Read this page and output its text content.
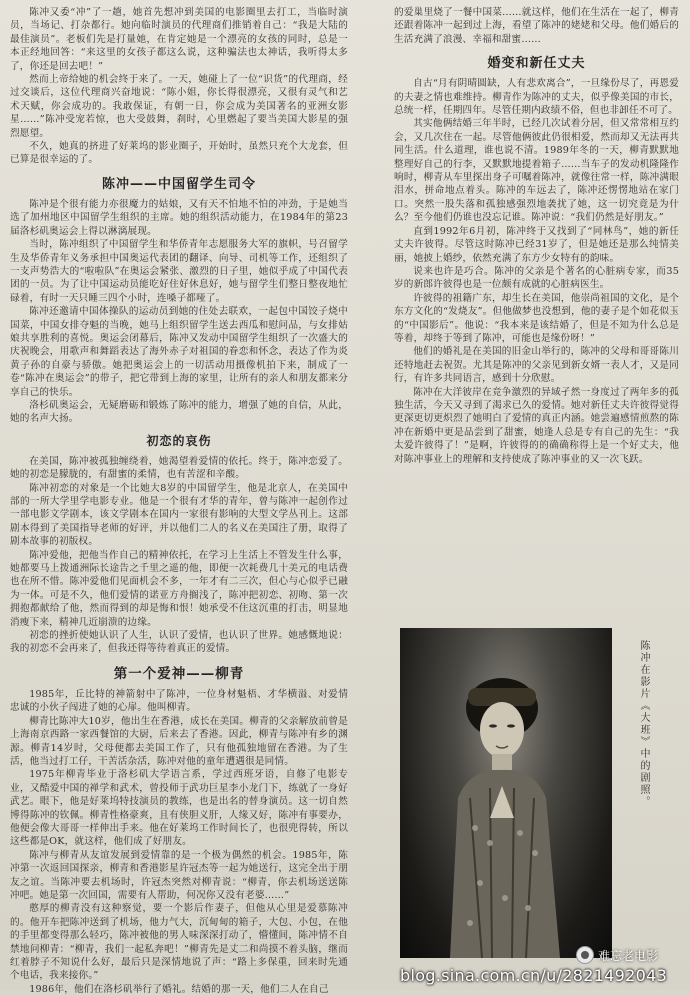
陈冲又委“冲”了一趟，她首先想冲到美国的电影圈里去打工，当临时演员，当场记、打杂都行。她向临时演员的代理商们推销着自己：“我是大陆的最佳演员”。老板们先是打量她，在肯定她是一个漂亮的女孩的同时，总是一本正经地回答：“来这里的女孩子都这么说，这种骗法也太神话，我听得太多了，你还是回去吧！”

然而上帝给她的机会终于来了。一天，她碰上了一位“识货”的代理商，经过交谈后，这位代理商兴奋地说：“陈小姐，你长得很漂亮，又很有灵气和艺术天赋，你会成功的。我敢保证，有朝一日，你会成为美国著名的亚洲女影星……”陈冲受宠若惊，也大受鼓舞，刹时，心里燃起了要当美国大影星的强烈愿望。

不久，她真的挤进了好莱坞的影业圈子，开始时，虽然只充个大龙套，但已算是很幸运的了。

陈冲——中国留学生司令

陈冲是个很有能力亦很魔力的姑娘，又有天不怕地不怕的冲劲，于是她当选了加州地区中国留学生组织的主席。她的组织活动能力，在1984年的第23届洛杉矶奥运会上得以淋漓展现。

当时，陈冲组织了中国留学生和华侨青年志愿服务大军的旗帜，号召留学生及华侨青年义务承担中国奥运代表团的翻译、向导、司机等工作，还组织了一支声势浩大的“啦啦队”在奥运会紧张、激烈的日子里，她似乎成了中国代表团的一员。为了让中国运动员能吃好住好休息好，她与留学生们整日整夜地忙碌着，有时一天只睡三四个小时，连嗓子都哑了。

陈冲还邀请中国体操队的运动员到她的住处去联欢，一起包中国饺子烧中国菜，中国女排夺魁的当晚，她马上组织留学生送去西瓜和慰问品，与女排姑娘共享胜利的喜悦。奥运会闭幕后，陈冲又发动中国留学生组织了一次盛大的庆祝晚会，用歌声和舞蹈表达了海外赤子对祖国的眷恋和怀念，表达了作为炎黄子孙的自豪与骄傲。她把奥运会上的一切活动用摄像机拍下来，制成了一卷“陈冲在奥运会”的带子，把它带到上海的家里，让所有的亲人和朋友都来分享自己的快乐。

洛杉矶奥运会，无疑磨砺和锻炼了陈冲的能力，增强了她的自信，从此，她的名声大扬。

初恋的哀伤

在美国，陈冲被孤独缠绕着，她渴望着爱情的依托。终于，陈冲恋爱了。她的初恋是朦胧的，有甜蜜的柔情，也有苦涩和辛酸。

陈冲初恋的对象是一个比她大8岁的中国留学生，他是北京人，在美国中部的一所大学里学电影专业。他是一个很有才华的青年，曾与陈冲一起创作过一部电影文学剧本，该文学剧本在国内一家很有影响的大型文学丛刊上。这部剧本得到了美国指导老师的好评，并以他们二人的名义在美国注了册，取得了剧本故事的初版权。

陈冲爱他，把他当作自己的精神依托，在学习上生活上不管发生什么事，她都要马上拨通洲际长途告之千里之遥的他，即便一次耗费几十美元的电话费也在所不惜。陈冲爱他们见面机会不多，一年才有二三次，但心与心似乎已融为一体。可是不久，他们爱情的诺亚方舟搁浅了，陈冲把初恋、初吻、第一次拥抱都献给了他，然而得到的却是悔和恨！她承受不住这沉重的打击，明显地消瘦下来，精神几近崩溃的边缘。

初恋的挫折使她认识了人生，认识了爱情，也认识了世界。她感慨地说：我的初恋不会再来了，但我还得等待着真正的爱情。

第一个爱神——柳青

1985年，丘比特的神箭射中了陈冲，一位身材魁梧、才华横溢、对爱情忠诚的小伙子闯进了她的心扉。他叫柳青。

柳青比陈冲大10岁，他出生在香港，成长在美国。柳青的父亲解放前曾是上海南京西路一家西餐馆的大厨，后来去了香港。因此，柳青与陈冲有乡的渊源。柳青14岁时，父母便都去美国工作了，只有他孤独地留在香港。为了生活，他当过打工仔，干苦活杂活，陈冲对他的童年遭遇很是同情。

1975年柳青毕业于洛杉矶大学语言系，学过西班牙语，自修了电影专业，又酷爱中国的禅学和武术，曾投师于武功巨星李小龙门下，练就了一身好武艺。眼下，他是好莱坞特技演员的教练，也是出名的替身演员。这一切自然博得陈冲的钦佩。柳青性格豪爽，且有侠胆义肝，人缘又好，陈冲有事要办，他便会像大哥哥一样伸出手来。他在好莱坞工作时间长了，也很兜得转，所以这些都是OK，就这样，他们成了好朋友。

陈冲与柳青从友谊发展到爱情靠的是一个极为偶然的机会。1985年，陈冲第一次返回国探亲，柳青和香港影星许冠杰等一起为她送行，这完全出于朋友之谊。当陈冲要去机场时，许冠杰突然对柳青说：“柳青，你去机场送送陈冲吧。她是第一次回国，需要有人帮助，何况你又没有老婆……”

憨厚的柳青没有这种察觉，要一个影后作妻子，但他从心里是爱慕陈冲的。他开车把陈冲送到了机场，他力气大，沉甸甸的箱子，大包、小包，在他的手里都变得那么轻巧，陈冲被他的男人味深深打动了，懵懂间，陈冲情不自禁地问柳青：“柳青，我们一起私奔吧！”柳青先是丈二和尚摸不着头脑，继而红着脖子不知说什么好，最后只是深情地说了声：“路上多保重，回来时先通个电话，我来接你。”

1986年，他们在洛杉矶举行了婚礼。结婚的那一天，他们二人在自己

的爱巢里烧了一餐中国菜……就这样，他们在生活在一起了，柳青还跟着陈冲一起到过上海，看望了陈冲的姥姥和父母。他们婚后的生活充满了浪漫、幸福和甜蜜……

婚变和新任丈夫

自古“月有阴晴圆缺，人有悲欢离合”，一旦缘份尽了，再恩爱的夫妻之情也难维持。柳青作为陈冲的丈夫，似乎像美国的市长，总统一样，任期四年。尽管任期内政绩不俗，但也非卸任不可了。

其实他俩结婚三年半时，已经几次试着分居，但又常常相互约会，又几次住在一起。尽管他俩彼此仍很相爱，然而却又无法再共同生活。什么道理，谁也说不清。1989年冬的一天，柳青默默地整理好自己的行李，又默默地提着箱子……当车子的发动机隆隆作响时，柳青从车里探出身子可嘱着陈冲，就像往常一样，陈冲满眼泪水，拼命地点着头。陈冲的车远去了，陈冲还愣愣地站在家门口。突然一股失落和孤独感强烈地袭扰了她，这一切究竟是为什么？至今他们仍谁也没忘记谁。陈冲说：“我们仍然是好朋友。”

直到1992年6月初，陈冲终于又找到了“同林鸟”，她的新任丈夫许彼得。尽管这时陈冲已经31岁了，但是她还是那么纯情美丽，她披上婚纱，依然充满了东方少女特有的韵味。

说来也许是巧合。陈冲的父亲是个著名的心脏病专家，而35岁的新郎许彼得也是一位颇有成就的心脏病医生。

许彼得的祖籍广东，却生长在美国，他崇尚祖国的文化，是个东方文化的“发烧友”。但他做梦也没想到，他的妻子是个如花似玉的“中国影后”。他说：“我本来是该结婚了，但是不知为什么总是等着，却终于等到了陈冲，可能也是缘份呀！”

他们的婚礼是在美国的旧金山举行的，陈冲的父母和哥哥陈川还特地赶去祝贺。尤其是陈冲的父亲见到新女婿一表人才，又是同行，有许多共同语言，感到十分欣慰。

陈冲在大洋彼岸在竞争激烈的异域孑然一身度过了两年多的孤独生活，今天又寻到了渴求已久的爱情。她对新任丈夫许彼得觉得更深更切更炽烈了她明白了爱情的真正内涵。她尝遍感情煎熬的陈冲在新婚中更是品尝到了甜蜜，她逢人总是专有自己的先生：“我太爱许彼得了！”是啊，许彼得的的确确称得上是一个好丈夫，他对陈冲事业上的理解和支持使成了陈冲事业的又一次飞跃。

陈冲在影片《大班》中的剧照。
难忘老电影
blog.sina.com.cn/u/2821492043
